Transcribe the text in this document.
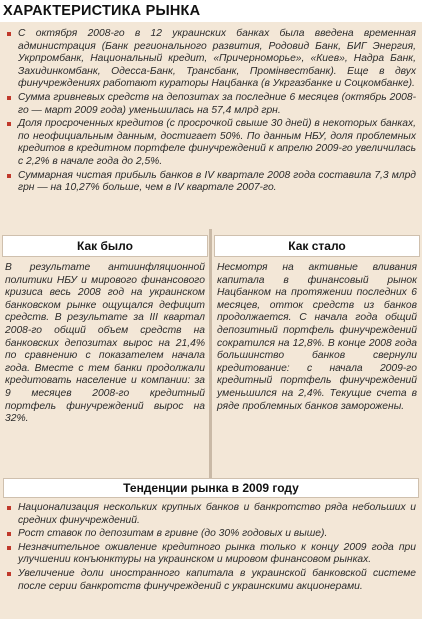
ХАРАКТЕРИСТИКА РЫНКА
С октября 2008-го в 12 украинских банках была введена временная администрация (Банк регионального развития, Родовид Банк, БИГ Энергия, Укрпромбанк, Национальный кредит, «Причерноморье», «Киев», Надра Банк, Захидинкомбанк, Одесса-Банк, Трансбанк, Промінвестбанк). Еще в двух финучреждениях работают кураторы Нацбанка (в Укргазбанке и Соцкомбанке).
Сумма гривневых средств на депозитах за последние 6 месяцев (октябрь 2008-го — март 2009 года) уменьшилась на 57,4 млрд грн.
Доля просроченных кредитов (с просрочкой свыше 30 дней) в некоторых банках, по неофициальным данным, достигает 50%. По данным НБУ, доля проблемных кредитов в кредитном портфеле финучреждений к апрелю 2009-го увеличилась с 2,2% в начале года до 2,5%.
Суммарная чистая прибыль банков в IV квартале 2008 года составила 7,3 млрд грн — на 10,27% больше, чем в IV квартале 2007-го.
Как было	Как стало
В результате антиинфляционной политики НБУ и мирового финансового кризиса весь 2008 год на украинском банковском рынке ощущался дефицит средств. В результате за III квартал 2008-го общий объем средств на банковских депозитах вырос на 21,4% по сравнению с показателем начала года. Вместе с тем банки продолжали кредитовать население и компании: за 9 месяцев 2008-го кредитный портфель финучреждений вырос на 32%.
Несмотря на активные вливания капитала в финансовый рынок Нацбанком на протяжении последних 6 месяцев, отток средств из банков продолжается. С начала года общий депозитный портфель финучреждений сократился на 12,8%. В конце 2008 года большинство банков свернули кредитование: с начала 2009-го кредитный портфель финучреждений уменьшился на 2,4%. Текущие счета в ряде проблемных банков заморожены.
Тенденции рынка в 2009 году
Национализация нескольких крупных банков и банкротство ряда небольших и средних финучреждений.
Рост ставок по депозитам в гривне (до 30% годовых и выше).
Незначительное оживление кредитного рынка только к концу 2009 года при улучшении конъюнктуры на украинском и мировом финансовом рынках.
Увеличение доли иностранного капитала в украинской банковской системе после серии банкротств финучреждений с украинскими акционерами.
